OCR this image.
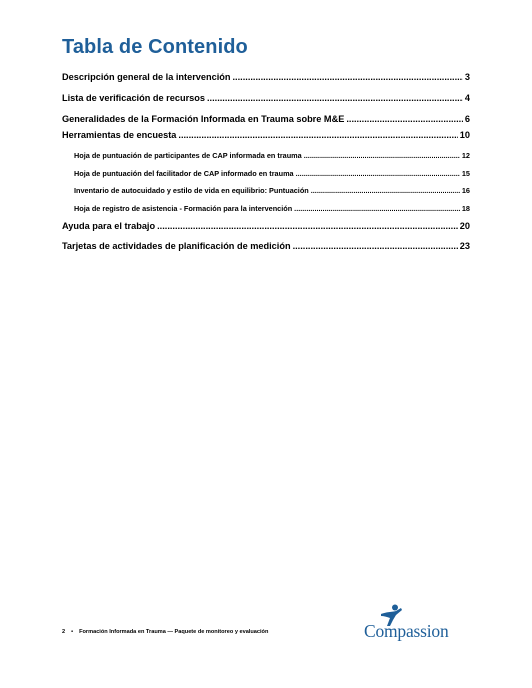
Tabla de Contenido
Descripción general de la intervención .....	3
Lista de verificación de recursos .....	4
Generalidades de la Formación Informada en Trauma sobre M&E .....	6
Herramientas de encuesta .....	10
Hoja de puntuación de participantes de CAP informada en trauma .....	12
Hoja de puntuación del facilitador de CAP informado en trauma .....	15
Inventario de autocuidado y estilo de vida en equilibrio: Puntuación .....	16
Hoja de registro de asistencia - Formación para la intervención .....	18
Ayuda para el trabajo .....	20
Tarjetas de actividades de planificación de medición .....	23
2 • Formación Informada en Trauma — Paquete de monitoreo y evaluación	Compassion
